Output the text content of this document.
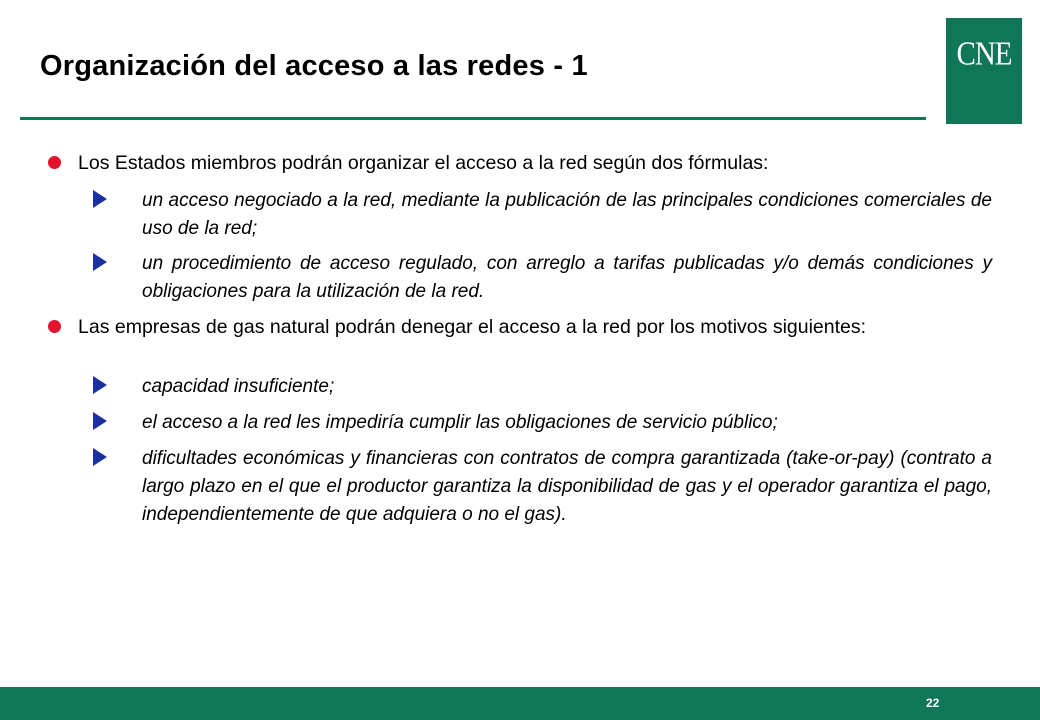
Organización del acceso a las redes - 1	CNE
Los Estados miembros podrán organizar el acceso a la red según dos fórmulas:
un acceso negociado a la red, mediante la publicación de las principales condiciones comerciales de uso de la red;
un procedimiento de acceso regulado, con arreglo a tarifas publicadas y/o demás condiciones y obligaciones para la utilización de la red.
Las empresas de gas natural podrán denegar el acceso a la red por los motivos siguientes:
capacidad insuficiente;
el acceso a la red les impediría cumplir las obligaciones de servicio público;
dificultades económicas y financieras con contratos de compra garantizada (take-or-pay) (contrato a largo plazo en el que el productor garantiza la disponibilidad de gas y el operador garantiza el pago, independientemente de que adquiera o no el gas).
22
